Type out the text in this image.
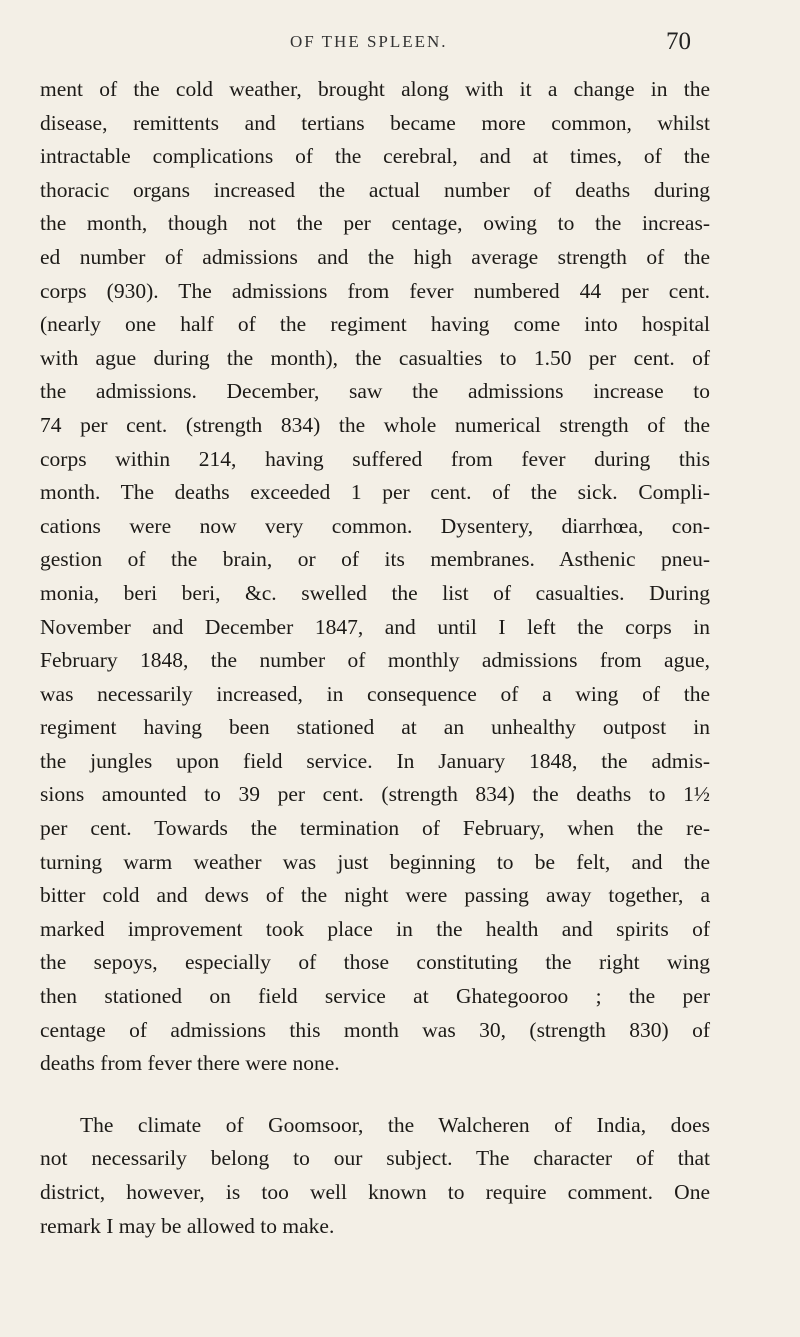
OF THE SPLEEN.	70
ment of the cold weather, brought along with it a change in the
disease, remittents and tertians became more common, whilst
intractable complications of the cerebral, and at times, of the
thoracic organs increased the actual number of deaths during
the month, though not the per centage, owing to the increas-
ed number of admissions and the high average strength of the
corps (930). The admissions from fever numbered 44 per cent.
(nearly one half of the regiment having come into hospital
with ague during the month), the casualties to 1.50 per cent. of
the admissions. December, saw the admissions increase to
74 per cent. (strength 834) the whole numerical strength of the
corps within 214, having suffered from fever during this
month. The deaths exceeded 1 per cent. of the sick. Compli-
cations were now very common. Dysentery, diarrhœa, con-
gestion of the brain, or of its membranes. Asthenic pneu-
monia, beri beri, &c. swelled the list of casualties. During
November and December 1847, and until I left the corps in
February 1848, the number of monthly admissions from ague,
was necessarily increased, in consequence of a wing of the
regiment having been stationed at an unhealthy outpost in
the jungles upon field service. In January 1848, the admis-
sions amounted to 39 per cent. (strength 834) the deaths to 1½
per cent. Towards the termination of February, when the re-
turning warm weather was just beginning to be felt, and the
bitter cold and dews of the night were passing away together, a
marked improvement took place in the health and spirits of
the sepoys, especially of those constituting the right wing
then stationed on field service at Ghategooroo ; the per
centage of admissions this month was 30, (strength 830) of
deaths from fever there were none.
The climate of Goomsoor, the Walcheren of India, does
not necessarily belong to our subject. The character of that
district, however, is too well known to require comment. One
remark I may be allowed to make.
